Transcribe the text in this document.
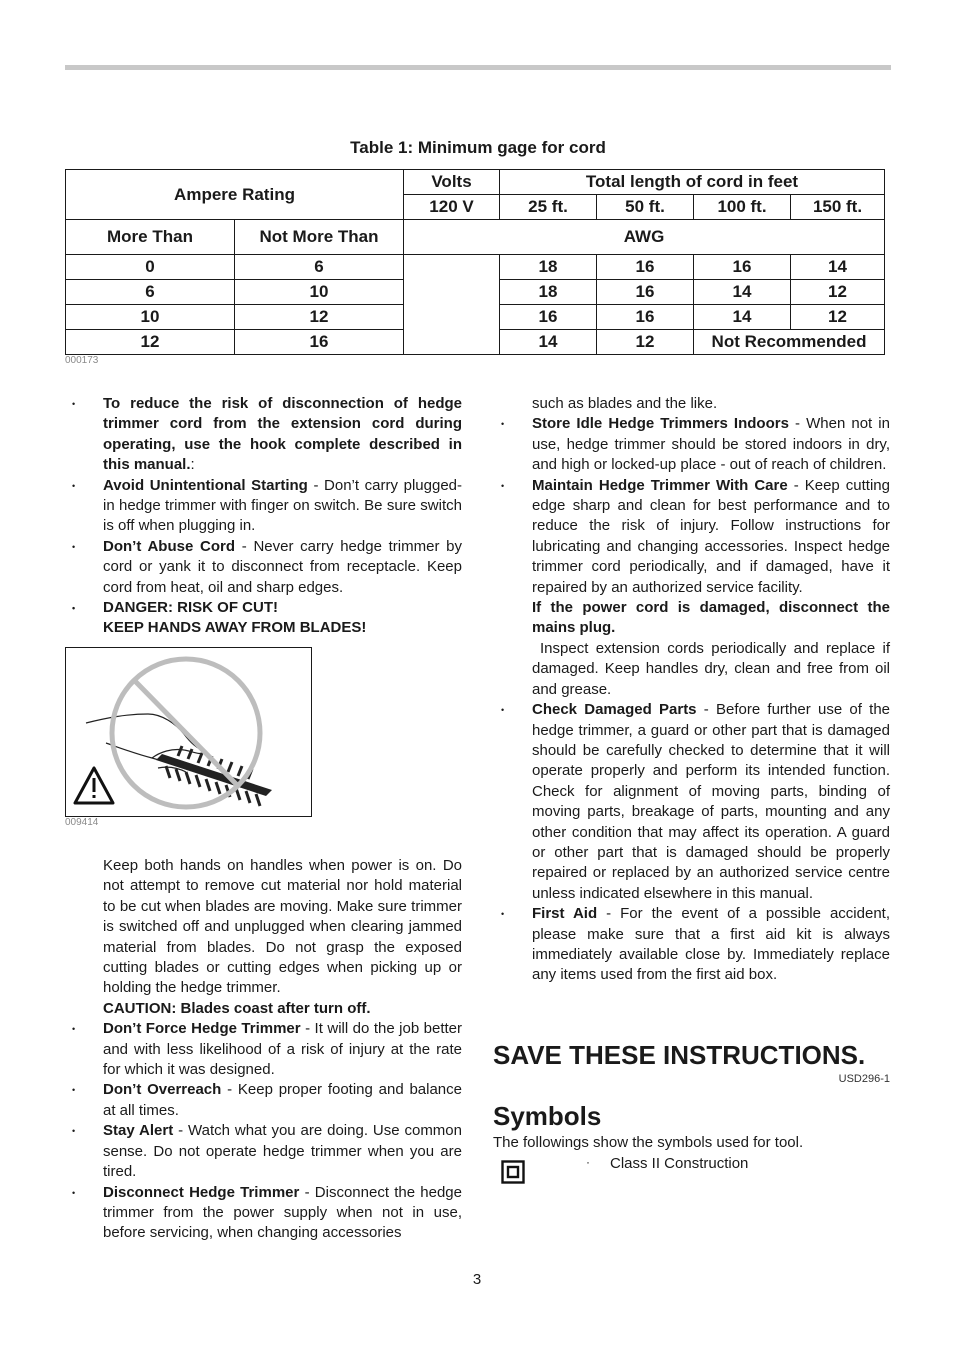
Table 1: Minimum gage for cord
Ampere Rating		Volts	Total length of cord in feet			
		120 V	25 ft.	50 ft.	100 ft.	150 ft.
More Than	Not More Than	AWG				
0	6		18	16	16	14
6	10		18	16	14	12
10	12		16	16	14	12
12	16		14	12	Not Recommended	
000173

• To reduce the risk of disconnection of hedge trimmer cord from the extension cord during operating, use the hook complete described in this manual.:

• Avoid Unintentional Starting - Don’t carry plugged-in hedge trimmer with finger on switch. Be sure switch is off when plugging in.

• Don’t Abuse Cord - Never carry hedge trimmer by cord or yank it to disconnect from receptacle. Keep cord from heat, oil and sharp edges.

• DANGER: RISK OF CUT!
KEEP HANDS AWAY FROM BLADES!

009414

Keep both hands on handles when power is on. Do not attempt to remove cut material nor hold material to be cut when blades are moving. Make sure trimmer is switched off and unplugged when clearing jammed material from blades. Do not grasp the exposed cutting blades or cutting edges when picking up or holding the hedge trimmer.

CAUTION: Blades coast after turn off.

• Don’t Force Hedge Trimmer - It will do the job better and with less likelihood of a risk of injury at the rate for which it was designed.

• Don’t Overreach - Keep proper footing and balance at all times.

• Stay Alert - Watch what you are doing. Use common sense. Do not operate hedge trimmer when you are tired.

• Disconnect Hedge Trimmer - Disconnect the hedge trimmer from the power supply when not in use, before servicing, when changing accessories

such as blades and the like.

• Store Idle Hedge Trimmers Indoors - When not in use, hedge trimmer should be stored indoors in dry, and high or locked-up place - out of reach of children.

• Maintain Hedge Trimmer With Care - Keep cutting edge sharp and clean for best performance and to reduce the risk of injury. Follow instructions for lubricating and changing accessories. Inspect hedge trimmer cord periodically, and if damaged, have it repaired by an authorized service facility.

If the power cord is damaged, disconnect the mains plug.

Inspect extension cords periodically and replace if damaged. Keep handles dry, clean and free from oil and grease.

• Check Damaged Parts - Before further use of the hedge trimmer, a guard or other part that is damaged should be carefully checked to determine that it will operate properly and perform its intended function. Check for alignment of moving parts, binding of moving parts, breakage of parts, mounting and any other condition that may affect its operation. A guard or other part that is damaged should be properly repaired or replaced by an authorized service centre unless indicated elsewhere in this manual.

• First Aid - For the event of a possible accident, please make sure that a first aid kit is always immediately available close by. Immediately replace any items used from the first aid box.

SAVE THESE INSTRUCTIONS.
USD296-1
Symbols
The followings show the symbols used for tool.
· Class II Construction
3
